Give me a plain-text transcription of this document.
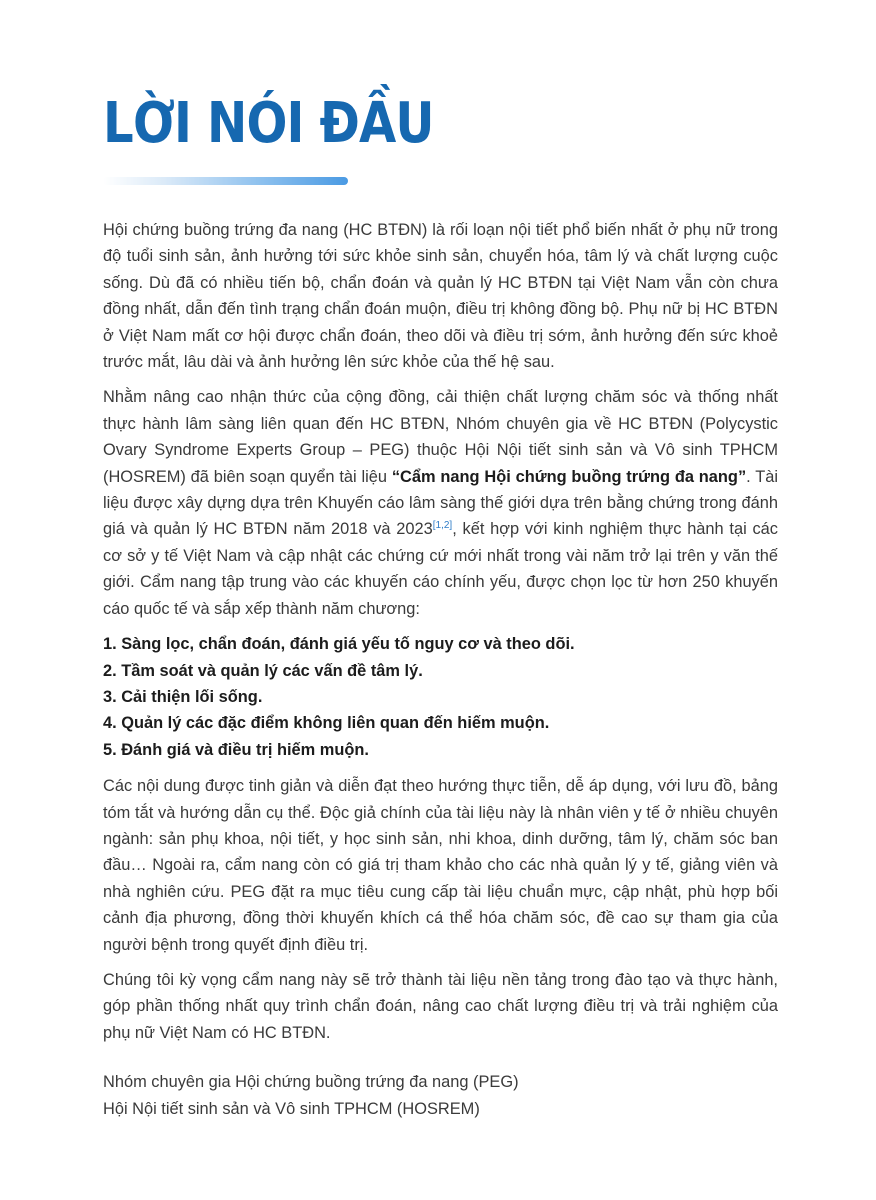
LỜI NÓI ĐẦU

Hội chứng buồng trứng đa nang (HC BTĐN) là rối loạn nội tiết phổ biến nhất ở phụ nữ trong độ tuổi sinh sản, ảnh hưởng tới sức khỏe sinh sản, chuyển hóa, tâm lý và chất lượng cuộc sống. Dù đã có nhiều tiến bộ, chẩn đoán và quản lý HC BTĐN tại Việt Nam vẫn còn chưa đồng nhất, dẫn đến tình trạng chẩn đoán muộn, điều trị không đồng bộ. Phụ nữ bị HC BTĐN ở Việt Nam mất cơ hội được chẩn đoán, theo dõi và điều trị sớm, ảnh hưởng đến sức khoẻ trước mắt, lâu dài và ảnh hưởng lên sức khỏe của thế hệ sau.

Nhằm nâng cao nhận thức của cộng đồng, cải thiện chất lượng chăm sóc và thống nhất thực hành lâm sàng liên quan đến HC BTĐN, Nhóm chuyên gia về HC BTĐN (Polycystic Ovary Syndrome Experts Group – PEG) thuộc Hội Nội tiết sinh sản và Vô sinh TPHCM (HOSREM) đã biên soạn quyển tài liệu “Cẩm nang Hội chứng buồng trứng đa nang”. Tài liệu được xây dựng dựa trên Khuyến cáo lâm sàng thế giới dựa trên bằng chứng trong đánh giá và quản lý HC BTĐN năm 2018 và 2023[1,2], kết hợp với kinh nghiệm thực hành tại các cơ sở y tế Việt Nam và cập nhật các chứng cứ mới nhất trong vài năm trở lại trên y văn thế giới. Cẩm nang tập trung vào các khuyến cáo chính yếu, được chọn lọc từ hơn 250 khuyến cáo quốc tế và sắp xếp thành năm chương:

1. Sàng lọc, chẩn đoán, đánh giá yếu tố nguy cơ và theo dõi.
2. Tầm soát và quản lý các vấn đề tâm lý.
3. Cải thiện lối sống.
4. Quản lý các đặc điểm không liên quan đến hiếm muộn.
5. Đánh giá và điều trị hiếm muộn.

Các nội dung được tinh giản và diễn đạt theo hướng thực tiễn, dễ áp dụng, với lưu đồ, bảng tóm tắt và hướng dẫn cụ thể. Độc giả chính của tài liệu này là nhân viên y tế ở nhiều chuyên ngành: sản phụ khoa, nội tiết, y học sinh sản, nhi khoa, dinh dưỡng, tâm lý, chăm sóc ban đầu… Ngoài ra, cẩm nang còn có giá trị tham khảo cho các nhà quản lý y tế, giảng viên và nhà nghiên cứu. PEG đặt ra mục tiêu cung cấp tài liệu chuẩn mực, cập nhật, phù hợp bối cảnh địa phương, đồng thời khuyến khích cá thể hóa chăm sóc, đề cao sự tham gia của người bệnh trong quyết định điều trị.

Chúng tôi kỳ vọng cẩm nang này sẽ trở thành tài liệu nền tảng trong đào tạo và thực hành, góp phần thống nhất quy trình chẩn đoán, nâng cao chất lượng điều trị và trải nghiệm của phụ nữ Việt Nam có HC BTĐN.

Nhóm chuyên gia Hội chứng buồng trứng đa nang (PEG)
Hội Nội tiết sinh sản và Vô sinh TPHCM (HOSREM)
